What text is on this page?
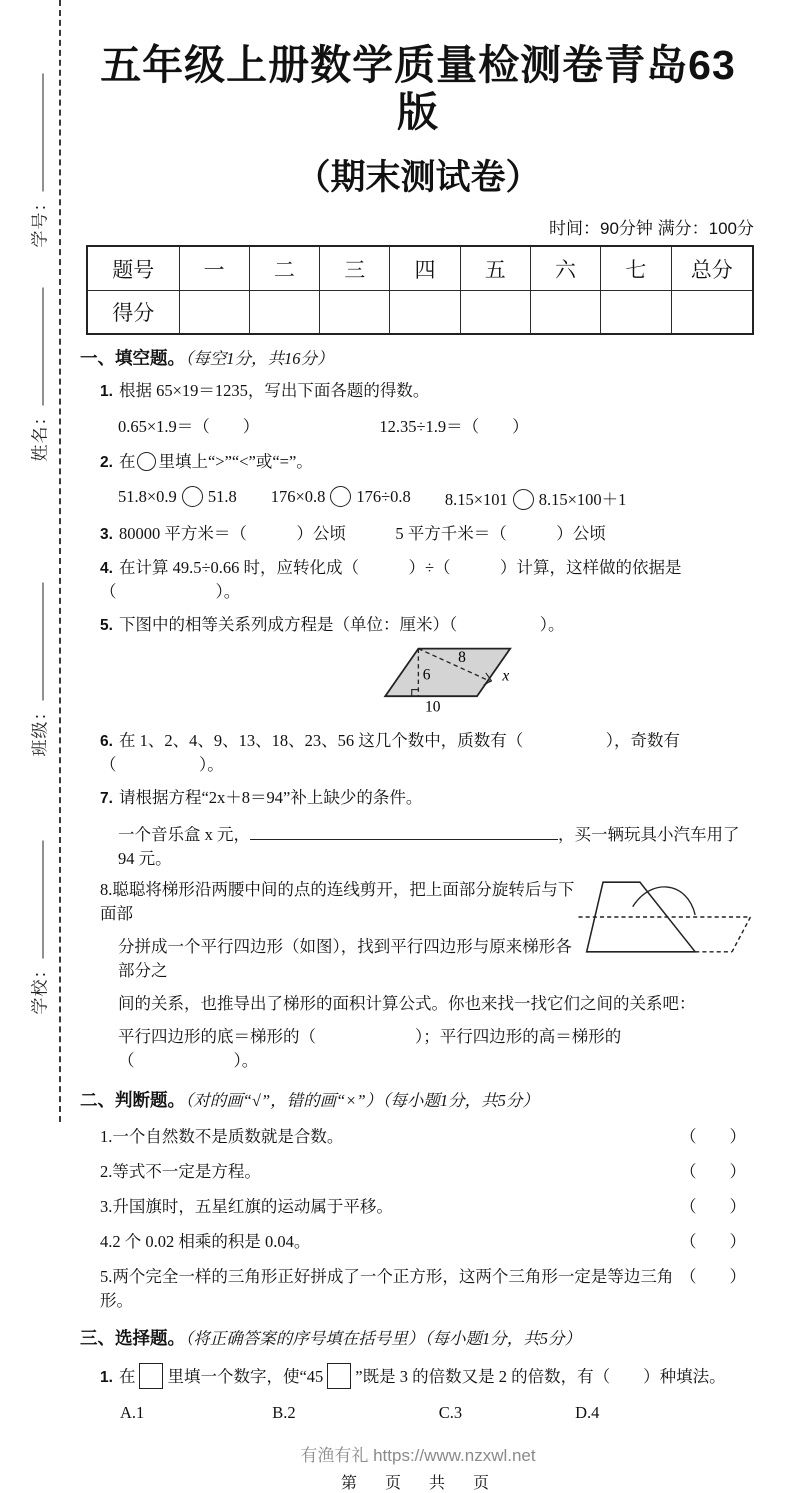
学号：
姓名：
班级：
学校：
五年级上册数学质量检测卷青岛63版
（期末测试卷）
时间：90分钟 满分：100分
题号	一	二	三	四	五	六	七	总分
得分								
一、填空题。（每空1分，共16分）
1. 根据 65×19＝1235，写出下面各题的得数。
0.65×1.9＝（　　）	12.35÷1.9＝（　　）
2. 在 里填上“>”“<”或“=”。
51.8×0.9 51.8 176×0.8 176÷0.8 8.15×101 8.15×100＋1
3. 80000 平方米＝（　　　）公顷　　　5 平方千米＝（　　　）公顷
4. 在计算 49.5÷0.66 时，应转化成（　　　）÷（　　　）计算，这样做的依据是（　　　　　　）。
5. 下图中的相等关系列成方程是（单位：厘米）（　　　　　）。
6
8
10
x
6. 在 1、2、4、9、13、18、23、56 这几个数中，质数有（　　　　　），奇数有（　　　　　）。
7. 请根据方程“2x＋8＝94”补上缺少的条件。
一个音乐盒 x 元，	，买一辆玩具小汽车用了 94 元。
8.聪聪将梯形沿两腰中间的点的连线剪开，把上面部分旋转后与下面部
分拼成一个平行四边形（如图），找到平行四边形与原来梯形各部分之
间的关系，也推导出了梯形的面积计算公式。你也来找一找它们之间的关系吧：
平行四边形的底＝梯形的（　　　　　　）；平行四边形的高＝梯形的（　　　　　　）。
二、判断题。（对的画“√”，错的画“×”）（每小题1分，共5分）
1.一个自然数不是质数就是合数。	（　　）
2.等式不一定是方程。	（　　）
3.升国旗时，五星红旗的运动属于平移。	（　　）
4.2 个 0.02 相乘的积是 0.04。	（　　）
5.两个完全一样的三角形正好拼成了一个正方形，这两个三角形一定是等边三角形。
（　　）
三、选择题。（将正确答案的序号填在括号里）（每小题1分，共5分）
1. 在 里填一个数字，使“45 ”既是 3 的倍数又是 2 的倍数，有（　　）种填法。
A.1	B.2	C.3	D.4
有渔有礼 https://www.nzxwl.net
第　页　共　页
